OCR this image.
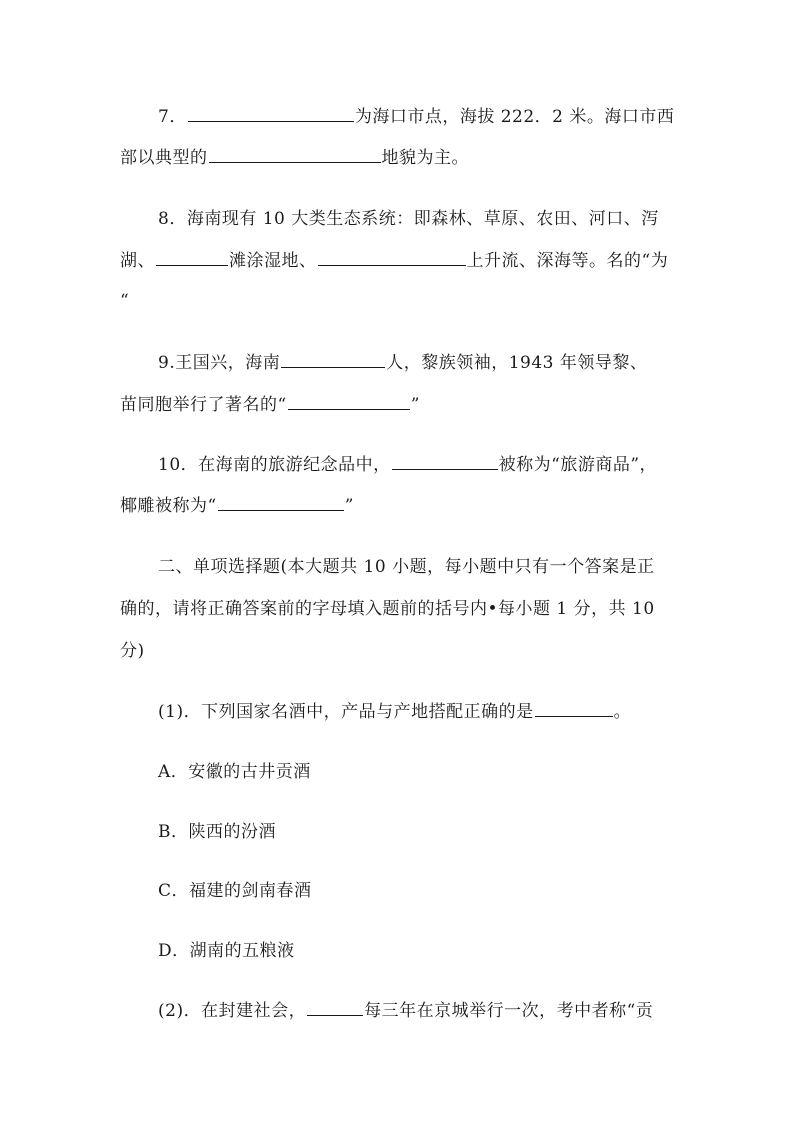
7．	为海口市点，海拔 222．2 米。海口市西
部以典型的	地貌为主。
8．海南现有 10 大类生态系统：即森林、草原、农田、河口、泻
湖、	滩涂湿地、	上升流、深海等。名的“为
“
9.王国兴，海南	人，黎族领袖，1943 年领导黎、
苗同胞举行了著名的“	”
10．在海南的旅游纪念品中，	被称为“旅游商品”，
椰雕被称为“	”
二、单项选择题(本大题共 10 小题，每小题中只有一个答案是正
确的，请将正确答案前的字母填入题前的括号内•每小题 1 分，共 10
分)
(1)．下列国家名酒中，产品与产地搭配正确的是	。
A．安徽的古井贡酒
B．陕西的汾酒
C．福建的剑南春酒
D．湖南的五粮液
(2)．在封建社会，	每三年在京城举行一次，考中者称“贡
